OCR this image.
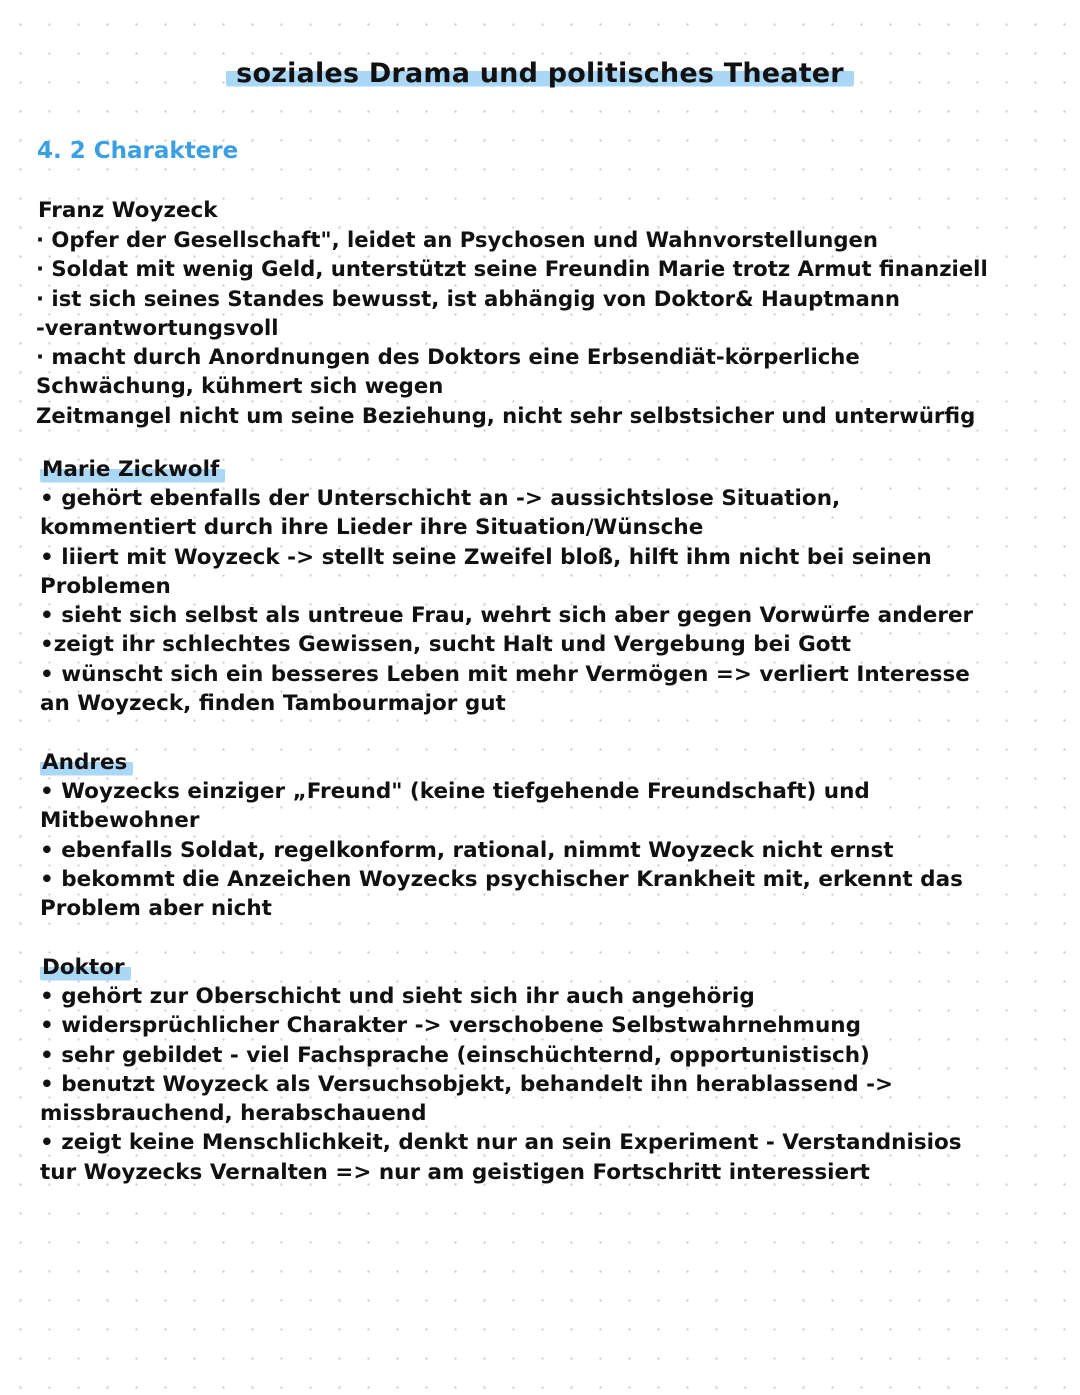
soziales Drama und politisches Theater
4. 2 Charaktere
Franz Woyzeck
· Opfer der Gesellschaft", leidet an Psychosen und Wahnvorstellungen
· Soldat mit wenig Geld, unterstützt seine Freundin Marie trotz Armut finanziell
· ist sich seines Standes bewusst, ist abhängig von Doktor& Hauptmann
-verantwortungsvoll
· macht durch Anordnungen des Doktors eine Erbsendiät-körperliche
Schwächung, kühmert sich wegen
Zeitmangel nicht um seine Beziehung, nicht sehr selbstsicher und unterwürfig
Marie Zickwolf
• gehört ebenfalls der Unterschicht an -> aussichtslose Situation,
kommentiert durch ihre Lieder ihre Situation/Wünsche
• liiert mit Woyzeck -> stellt seine Zweifel bloß, hilft ihm nicht bei seinen
Problemen
• sieht sich selbst als untreue Frau, wehrt sich aber gegen Vorwürfe anderer
•zeigt ihr schlechtes Gewissen, sucht Halt und Vergebung bei Gott
• wünscht sich ein besseres Leben mit mehr Vermögen => verliert Interesse
an Woyzeck, finden Tambourmajor gut
Andres
• Woyzecks einziger „Freund" (keine tiefgehende Freundschaft) und
Mitbewohner
• ebenfalls Soldat, regelkonform, rational, nimmt Woyzeck nicht ernst
• bekommt die Anzeichen Woyzecks psychischer Krankheit mit, erkennt das
Problem aber nicht
Doktor
• gehört zur Oberschicht und sieht sich ihr auch angehörig
• widersprüchlicher Charakter -> verschobene Selbstwahrnehmung
• sehr gebildet - viel Fachsprache (einschüchternd, opportunistisch)
• benutzt Woyzeck als Versuchsobjekt, behandelt ihn herablassend ->
missbrauchend, herabschauend
• zeigt keine Menschlichkeit, denkt nur an sein Experiment - Verstandnisios
tur Woyzecks Vernalten => nur am geistigen Fortschritt interessiert
